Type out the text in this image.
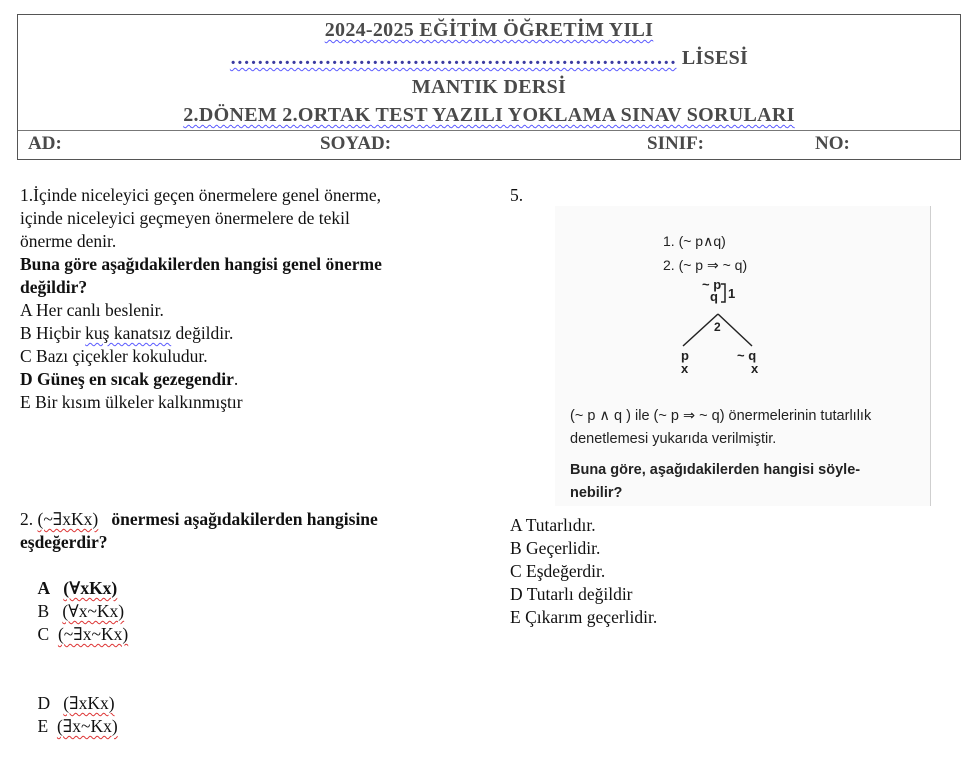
2024-2025 EĞİTİM ÖĞRETİM YILI
………………………………………………………… LİSESİ
MANTIK DERSİ
2.DÖNEM 2.ORTAK TEST YAZILI YOKLAMA SINAV SORULARI
AD:	SOYAD:	SINIF:	NO:

1.İçinde niceleyici geçen önermelere genel önerme,

içinde niceleyici geçmeyen önermelere de tekil

önerme denir.

Buna göre aşağıdakilerden hangisi genel önerme

değildir?

A Her canlı beslenir.

B Hiçbir kuş kanatsız değildir.

C Bazı çiçekler kokuludur.

D Güneş en sıcak gezegendir.

E Bir kısım ülkeler kalkınmıştır

2. (~∃xKx) önermesi aşağıdakilerden hangisine

eşdeğerdir?

A (∀xKx)
B (∀x~Kx)
C (~∃x~Kx)

D (∃xKx)
E (∃x~Kx)

5.
1. (~ p∧q)
2. (~ p ⇒ ~ q)
~ p
q 1
2
p
x
~ q
x
(~ p ∧ q ) ile (~ p ⇒ ~ q) önermelerinin tutarlılık
denetlemesi yukarıda verilmiştir.
Buna göre, aşağıdakilerden hangisi söyle-
nebilir?

A Tutarlıdır.

B Geçerlidir.

C Eşdeğerdir.

D Tutarlı değildir

E Çıkarım geçerlidir.
